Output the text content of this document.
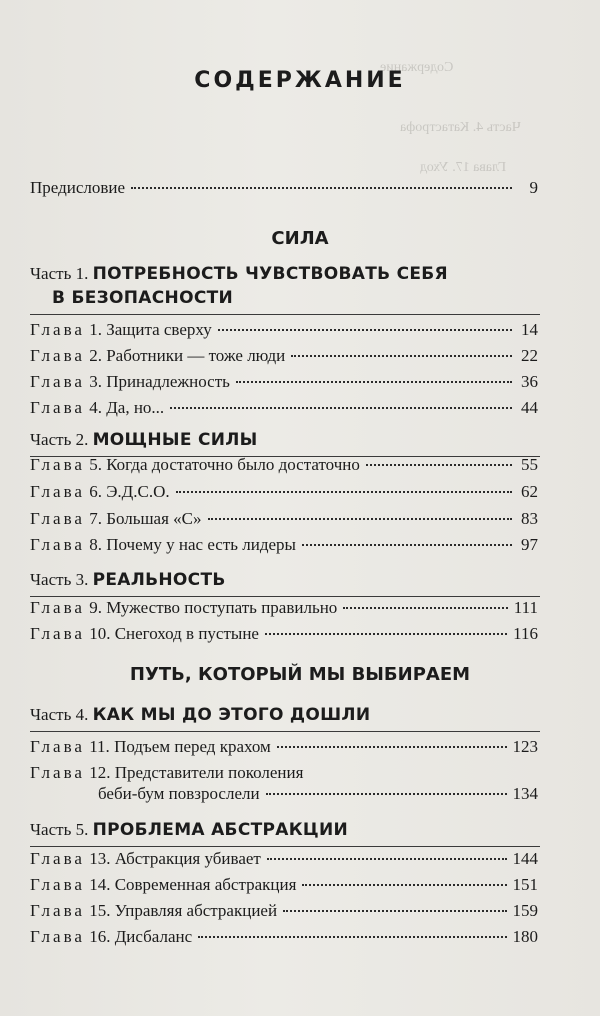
Содержание
Часть 4. Катастрофа
Глава 17. Уход
СОДЕРЖАНИЕ
Предисловие	9
СИЛА
Часть 1. ПОТРЕБНОСТЬ ЧУВСТВОВАТЬ СЕБЯ
В БЕЗОПАСНОСТИ
Глава 1. Защита сверху	14
Глава 2. Работники — тоже люди	22
Глава 3. Принадлежность	36
Глава 4. Да, но...	44
Часть 2. МОЩНЫЕ СИЛЫ
Глава 5. Когда достаточно было достаточно	55
Глава 6. Э.Д.С.О.	62
Глава 7. Большая «С»	83
Глава 8. Почему у нас есть лидеры	97
Часть 3. РЕАЛЬНОСТЬ
Глава 9. Мужество поступать правильно	111
Глава 10. Снегоход в пустыне	116
ПУТЬ, КОТОРЫЙ МЫ ВЫБИРАЕМ
Часть 4. КАК МЫ ДО ЭТОГО ДОШЛИ
Глава 11. Подъем перед крахом	123
Глава 12. Представители поколения
беби-бум повзрослели	134
Часть 5. ПРОБЛЕМА АБСТРАКЦИИ
Глава 13. Абстракция убивает	144
Глава 14. Современная абстракция	151
Глава 15. Управляя абстракцией	159
Глава 16. Дисбаланс	180
